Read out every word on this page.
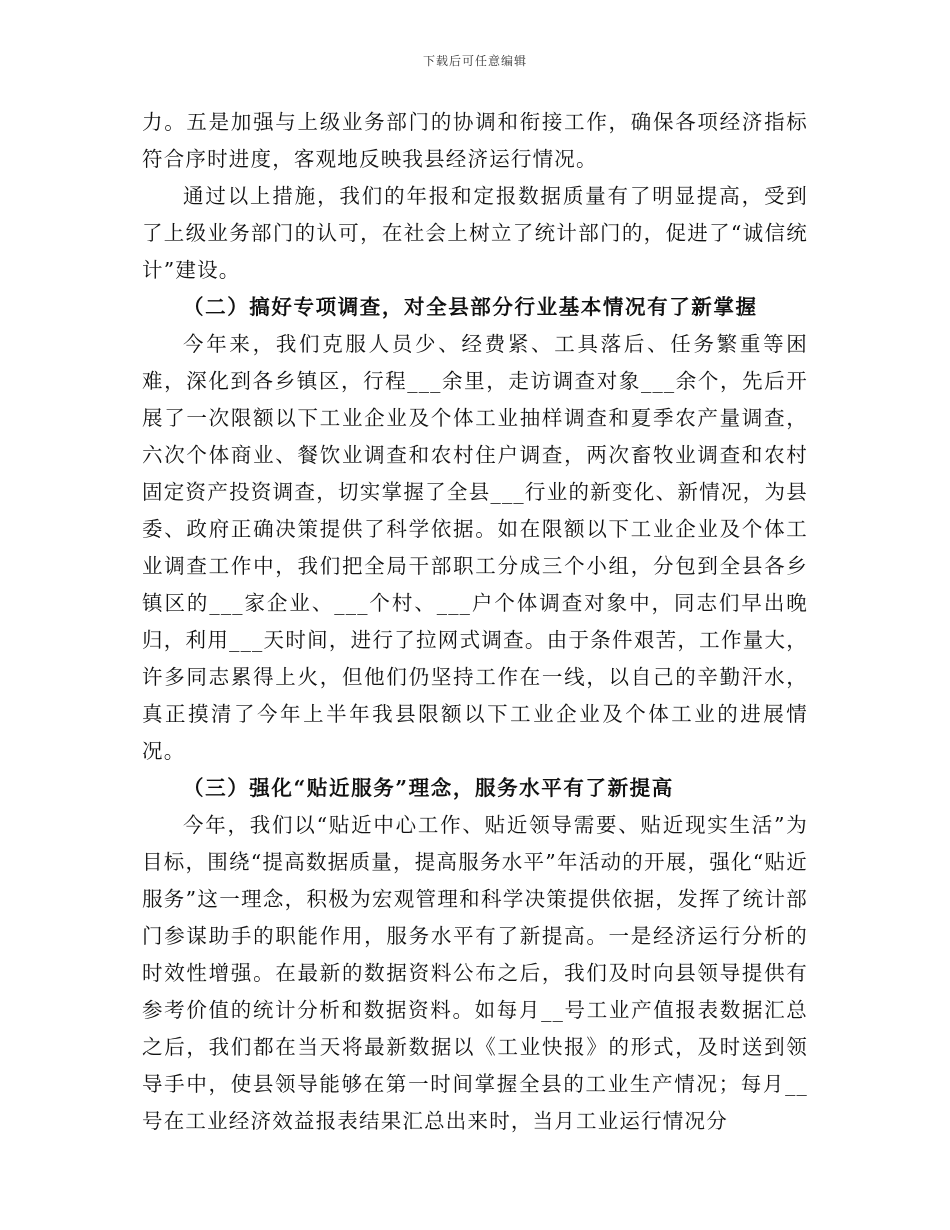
下载后可任意编辑

力。五是加强与上级业务部门的协调和衔接工作，确保各项经济指标符合序时进度，客观地反映我县经济运行情况。

通过以上措施，我们的年报和定报数据质量有了明显提高，受到了上级业务部门的认可，在社会上树立了统计部门的，促进了“诚信统计”建设。

（二）搞好专项调查，对全县部分行业基本情况有了新掌握

今年来，我们克服人员少、经费紧、工具落后、任务繁重等困难，深化到各乡镇区，行程___余里，走访调查对象___余个，先后开展了一次限额以下工业企业及个体工业抽样调查和夏季农产量调查，六次个体商业、餐饮业调查和农村住户调查，两次畜牧业调查和农村固定资产投资调查，切实掌握了全县___行业的新变化、新情况，为县委、政府正确决策提供了科学依据。如在限额以下工业企业及个体工业调查工作中，我们把全局干部职工分成三个小组，分包到全县各乡镇区的___家企业、___个村、___户个体调查对象中，同志们早出晚归，利用___天时间，进行了拉网式调查。由于条件艰苦，工作量大，许多同志累得上火，但他们仍坚持工作在一线，以自己的辛勤汗水，真正摸清了今年上半年我县限额以下工业企业及个体工业的进展情况。

（三）强化“贴近服务”理念，服务水平有了新提高

今年，我们以“贴近中心工作、贴近领导需要、贴近现实生活”为目标，围绕“提高数据质量，提高服务水平”年活动的开展，强化“贴近服务”这一理念，积极为宏观管理和科学决策提供依据，发挥了统计部门参谋助手的职能作用，服务水平有了新提高。一是经济运行分析的时效性增强。在最新的数据资料公布之后，我们及时向县领导提供有参考价值的统计分析和数据资料。如每月__号工业产值报表数据汇总之后，我们都在当天将最新数据以《工业快报》的形式，及时送到领导手中，使县领导能够在第一时间掌握全县的工业生产情况；每月__号在工业经济效益报表结果汇总出来时，当月工业运行情况分
